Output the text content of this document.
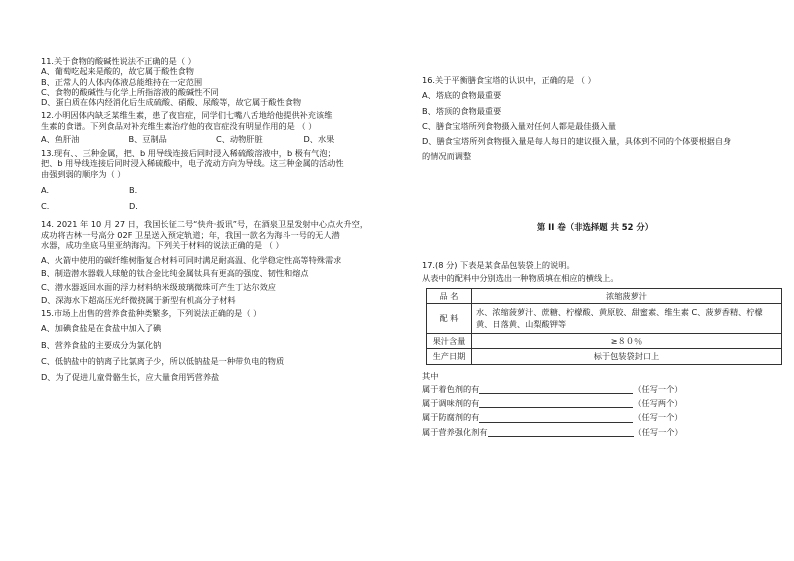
11.关于食物的酸碱性说法不正确的是（ ）

A、葡萄吃起来是酸的，故它属于酸性食物

B、正常人的人体内体液总能维持在一定范围

C、食物的酸碱性与化学上所指溶液的酸碱性不同

D、蛋白质在体内经消化后生成硫酸、硝酸、尿酸等，故它属于酸性食物

12.小明因体内缺乏某维生素，患了夜盲症，同学们七嘴八舌地给他提供补充该维

生素的食谱。下列食品对补充维生素治疗他的夜盲症没有明显作用的是 （ ）

A、鱼肝油	B、豆制品	C、动物肝脏	D、水果

13.现有、、三种金属，把、b 用导线连接后同时浸入稀硫酸溶液中，b 极有气泡；

把、b 用导线连接后同时浸入稀硫酸中，电子流动方向为导线。这三种金属的活动性

由强到弱的顺序为（ ）

A.	B.
C.	D.

14. 2021 年 10 月 27 日，我国长征二号“快舟·扳讯”号，在酒泉卫星发射中心点火升空，

成功将吉林一号高分 02F 卫星送入预定轨道；年，我国一款名为海斗一号的无人潜

水器，成功坐底马里亚纳海沟。下列关于材料的说法正确的是 （ ）

A、火箭中使用的碳纤维树脂复合材料可同时满足耐高温、化学稳定性高等特殊需求

B、制造潜水器载人球舱的钛合金比纯金属钛具有更高的强度、韧性和熔点

C、潜水器返回水面的浮力材料纳米级玻璃微珠可产生丁达尔效应

D、深海水下超高压光纤微挠属于新型有机高分子材料

15.市场上出售的营养食盐种类繁多，下列说法正确的是（ ）

A、加碘食盐是在食盐中加入了碘

B、营养食盐的主要成分为氯化钠

C、低钠盐中的钠离子比氯离子少，所以低钠盐是一种带负电的物质

D、为了促进儿童骨骼生长，应大量食用钙营养盐

16.关于平衡膳食宝塔的认识中，正确的是 （ ）

A、塔底的食物最重要

B、塔顶的食物最重要

C、膳食宝塔所列食物摄入量对任何人都是最佳摄入量

D、膳食宝塔所列食物摄入量是每人每日的建议摄入量，具体到不同的个体要根据自身

的情况而调整

第 II 卷（非选择题 共 52 分）

17.(8 分) 下表是某食品包装袋上的说明。

从表中的配料中分别选出一种物质填在相应的横线上。

品 名	浓缩菠萝汁
配 料	水、浓缩菠萝汁、蔗糖、柠檬酸、黄原胶、甜蜜素、维生素 C、菠萝香精、柠檬黄、日落黄、山梨酸钾等
果汁含量	≥８０％
生产日期	标于包装袋封口上

其中

属于着色剂的有	（任写一个）

属于调味剂的有	（任写两个）

属于防腐剂的有	（任写一个）

属于营养强化剂有	（任写一个）
